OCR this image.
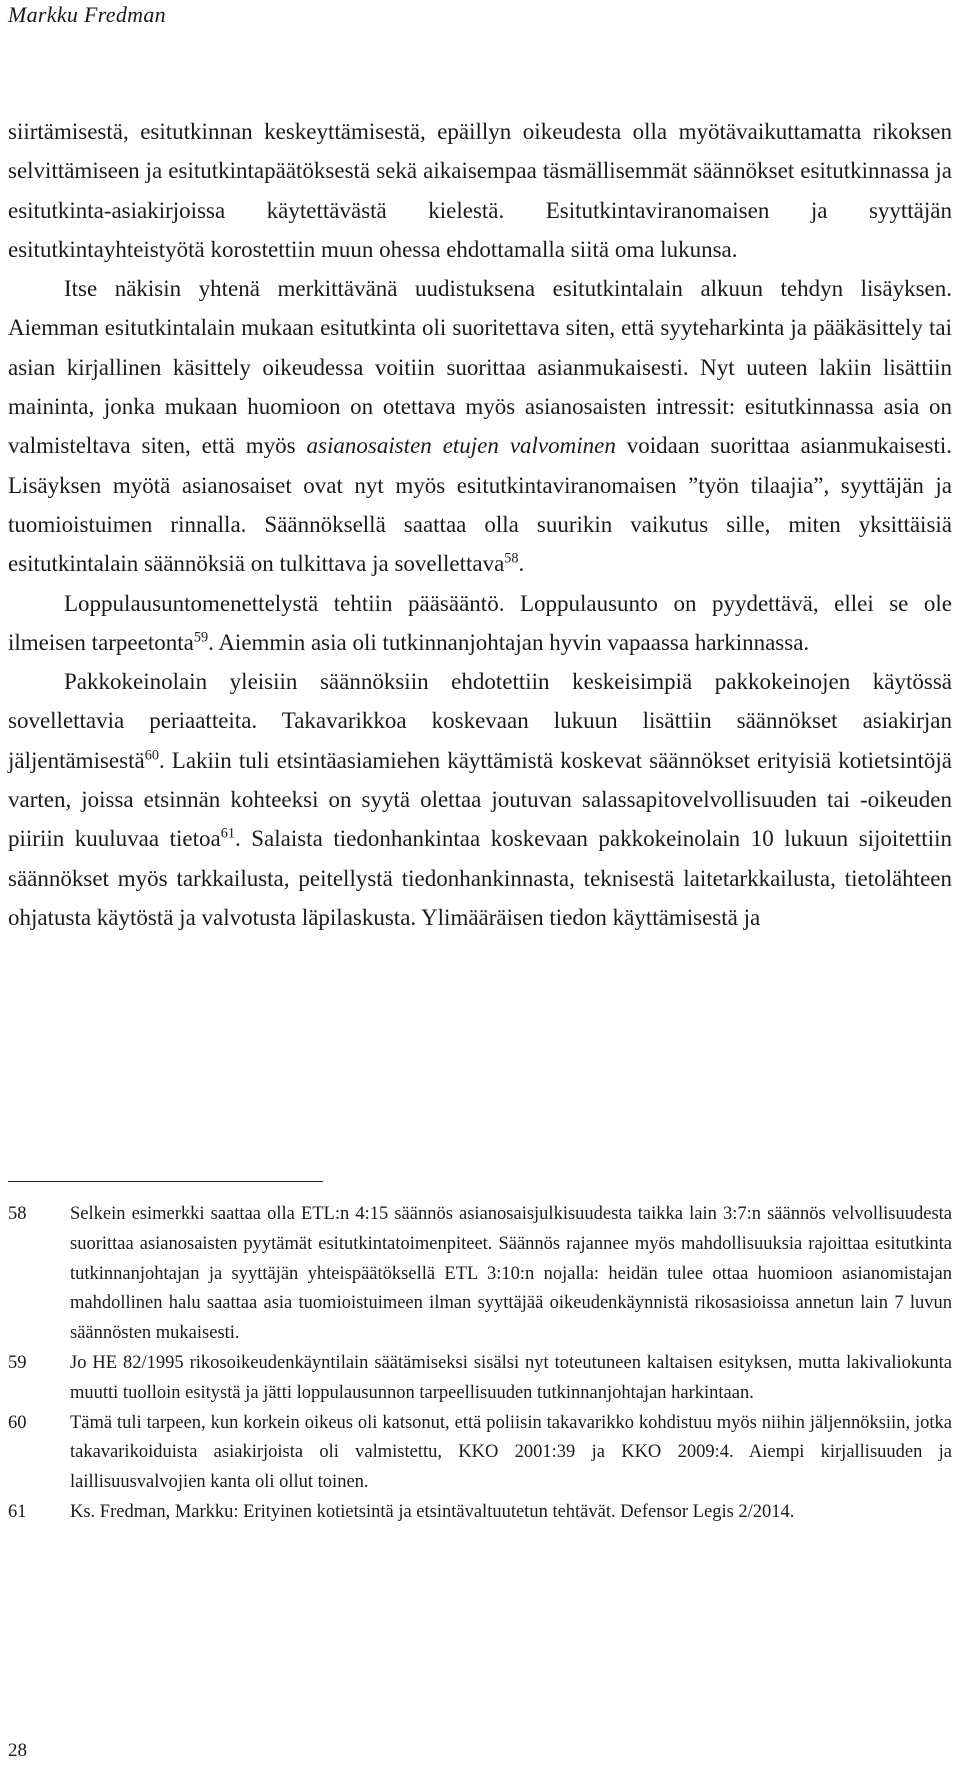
Markku Fredman

siirtämisestä, esitutkinnan keskeyttämisestä, epäillyn oikeudesta olla myötävaikuttamatta rikoksen selvittämiseen ja esitutkintapäätöksestä sekä aikaisempaa täsmällisemmät säännökset esitutkinnassa ja esitutkinta-asiakirjoissa käytettävästä kielestä. Esitutkintaviranomaisen ja syyttäjän esitutkintayhteistyötä korostettiin muun ohessa ehdottamalla siitä oma lukunsa.

Itse näkisin yhtenä merkittävänä uudistuksena esitutkintalain alkuun tehdyn lisäyksen. Aiemman esitutkintalain mukaan esitutkinta oli suoritettava siten, että syyteharkinta ja pääkäsittely tai asian kirjallinen käsittely oikeudessa voitiin suorittaa asianmukaisesti. Nyt uuteen lakiin lisättiin maininta, jonka mukaan huomioon on otettava myös asianosaisten intressit: esitutkinnassa asia on valmisteltava siten, että myös asianosaisten etujen valvominen voidaan suorittaa asianmukaisesti. Lisäyksen myötä asianosaiset ovat nyt myös esitutkintaviranomaisen ”työn tilaajia”, syyttäjän ja tuomioistuimen rinnalla. Säännöksellä saattaa olla suurikin vaikutus sille, miten yksittäisiä esitutkintalain säännöksiä on tulkittava ja sovellettava$^{58}$.

Loppulausuntomenettelystä tehtiin pääsääntö. Loppulausunto on pyydettävä, ellei se ole ilmeisen tarpeetonta$^{59}$. Aiemmin asia oli tutkinnanjohtajan hyvin vapaassa harkinnassa.

Pakkokeinolain yleisiin säännöksiin ehdotettiin keskeisimpiä pakkokeinojen käytössä sovellettavia periaatteita. Takavarikkoa koskevaan lukuun lisättiin säännökset asiakirjan jäljentämisestä$^{60}$. Lakiin tuli etsintäasiamiehen käyttämistä koskevat säännökset erityisiä kotietsintöjä varten, joissa etsinnän kohteeksi on syytä olettaa joutuvan salassapitovelvollisuuden tai -oikeuden piiriin kuuluvaa tietoa$^{61}$. Salaista tiedonhankintaa koskevaan pakkokeinolain 10 lukuun sijoitettiin säännökset myös tarkkailusta, peitellystä tiedonhankinnasta, teknisestä laitetarkkailusta, tietolähteen ohjatusta käytöstä ja valvotusta läpilaskusta. Ylimääräisen tiedon käyttämisestä ja

58	Selkein esimerkki saattaa olla ETL:n 4:15 säännös asianosaisjulkisuudesta taikka lain 3:7:n säännös velvollisuudesta suorittaa asianosaisten pyytämät esitutkintatoimenpiteet. Säännös rajannee myös mahdollisuuksia rajoittaa esitutkinta tutkinnanjohtajan ja syyttäjän yhteispäätöksellä ETL 3:10:n nojalla: heidän tulee ottaa huomioon asianomistajan mahdollinen halu saattaa asia tuomioistuimeen ilman syyttäjää oikeudenkäynnistä rikosasioissa annetun lain 7 luvun säännösten mukaisesti.
59	Jo HE 82/1995 rikosoikeudenkäyntilain säätämiseksi sisälsi nyt toteutuneen kaltaisen esityksen, mutta lakivaliokunta muutti tuolloin esitystä ja jätti loppulausunnon tarpeellisuuden tutkinnanjohtajan harkintaan.
60	Tämä tuli tarpeen, kun korkein oikeus oli katsonut, että poliisin takavarikko kohdistuu myös niihin jäljennöksiin, jotka takavarikoiduista asiakirjoista oli valmistettu, KKO 2001:39 ja KKO 2009:4. Aiempi kirjallisuuden ja laillisuusvalvojien kanta oli ollut toinen.
61	Ks. Fredman, Markku: Erityinen kotietsintä ja etsintävaltuutetun tehtävät. Defensor Legis 2/2014.
28
